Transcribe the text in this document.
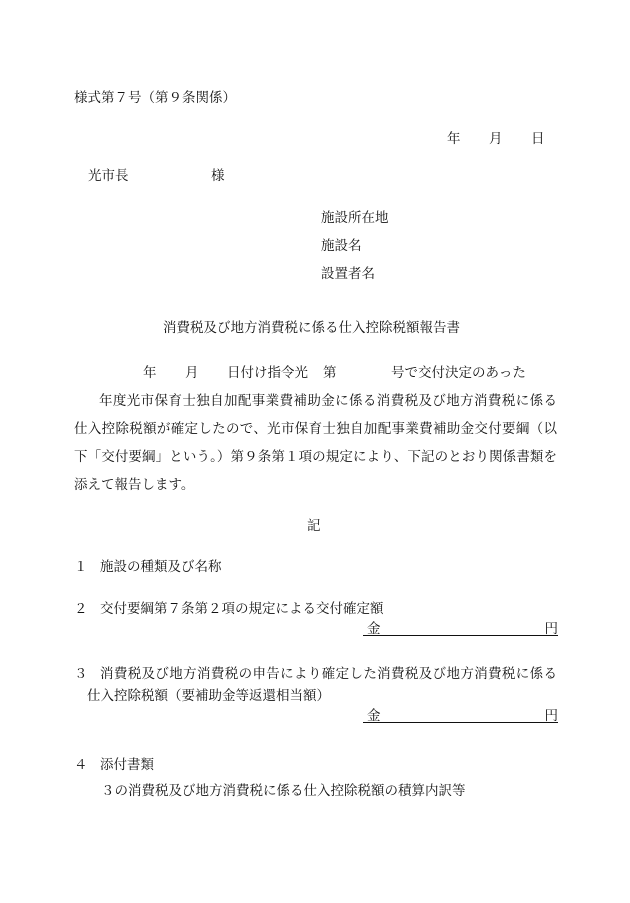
様式第７号（第９条関係）
年 月 日
光市長	様
施設所在地
施設名
設置者名
消費税及び地方消費税に係る仕入控除税額報告書
年 月 日付け指令光 第	号で交付決定のあった
年度光市保育士独自加配事業費補助金に係る消費税及び地方消費税に係る
仕入控除税額が確定したので、光市保育士独自加配事業費補助金交付要綱（以
下「交付要綱」という。）第９条第１項の規定により、下記のとおり関係書類を
添えて報告します。
記
１ 施設の種類及び名称
２ 交付要綱第７条第２項の規定による交付確定額
金	円
３ 消費税及び地方消費税の申告により確定した消費税及び地方消費税に係る
仕入控除税額（要補助金等返還相当額）
金	円
４ 添付書類
３の消費税及び地方消費税に係る仕入控除税額の積算内訳等
